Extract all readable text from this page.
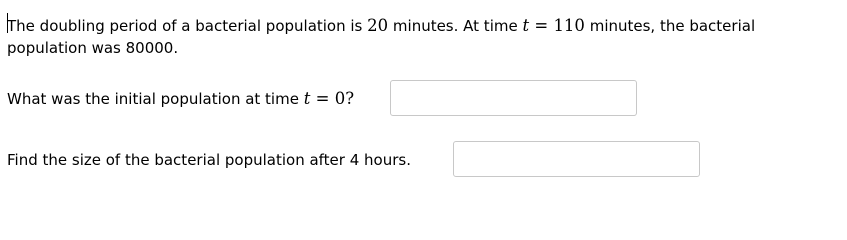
The doubling period of a bacterial population is 20 minutes. At time t = 110 minutes, the bacterial
population was 80000.
What was the initial population at time t = 0?
Find the size of the bacterial population after 4 hours.
